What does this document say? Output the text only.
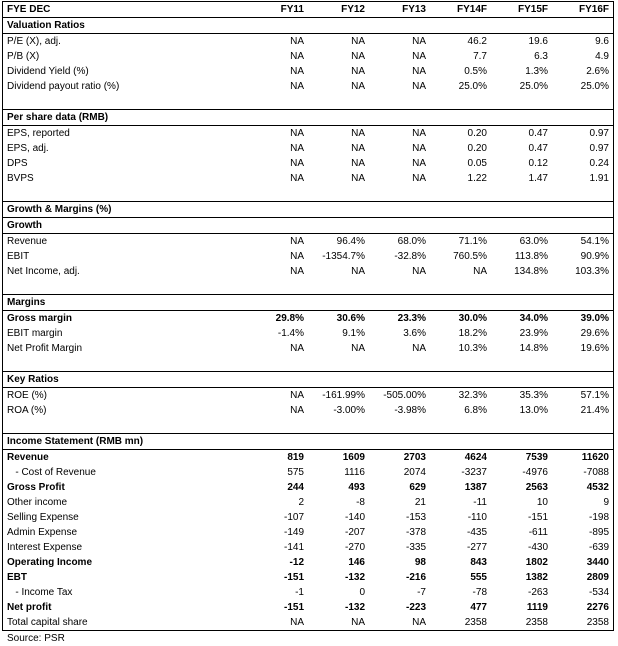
FYE DEC	FY11	FY12	FY13	FY14F	FY15F	FY16F
Valuation Ratios						
P/E (X), adj.	NA	NA	NA	46.2	19.6	9.6
P/B (X)	NA	NA	NA	7.7	6.3	4.9
Dividend Yield (%)	NA	NA	NA	0.5%	1.3%	2.6%
Dividend payout ratio (%)	NA	NA	NA	25.0%	25.0%	25.0%

Per share data (RMB)						
EPS, reported	NA	NA	NA	0.20	0.47	0.97
EPS, adj.	NA	NA	NA	0.20	0.47	0.97
DPS	NA	NA	NA	0.05	0.12	0.24
BVPS	NA	NA	NA	1.22	1.47	1.91

Growth & Margins (%)						
Growth						
Revenue	NA	96.4%	68.0%	71.1%	63.0%	54.1%
EBIT	NA	-1354.7%	-32.8%	760.5%	113.8%	90.9%
Net Income, adj.	NA	NA	NA	NA	134.8%	103.3%

Margins						
Gross margin	29.8%	30.6%	23.3%	30.0%	34.0%	39.0%
EBIT margin	-1.4%	9.1%	3.6%	18.2%	23.9%	29.6%
Net Profit Margin	NA	NA	NA	10.3%	14.8%	19.6%

Key Ratios						
ROE (%)	NA	-161.99%	-505.00%	32.3%	35.3%	57.1%
ROA (%)	NA	-3.00%	-3.98%	6.8%	13.0%	21.4%

Income Statement (RMB mn)						
Revenue	819	1609	2703	4624	7539	11620
- Cost of Revenue	575	1116	2074	-3237	-4976	-7088
Gross Profit	244	493	629	1387	2563	4532
Other income	2	-8	21	-11	10	9
Selling Expense	-107	-140	-153	-110	-151	-198
Admin Expense	-149	-207	-378	-435	-611	-895
Interest Expense	-141	-270	-335	-277	-430	-639
Operating Income	-12	146	98	843	1802	3440
EBT	-151	-132	-216	555	1382	2809
- Income Tax	-1	0	-7	-78	-263	-534
Net profit	-151	-132	-223	477	1119	2276
Total capital share	NA	NA	NA	2358	2358	2358
Source: PSR						
